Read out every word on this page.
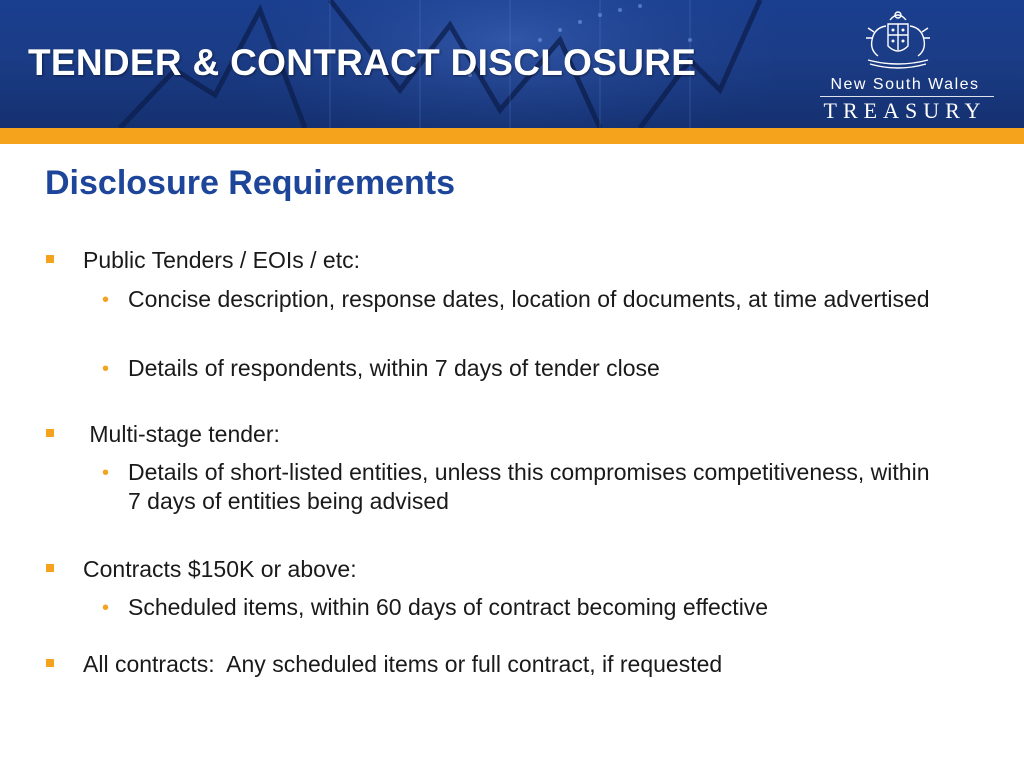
TENDER & CONTRACT DISCLOSURE
New South Wales
TREASURY
Disclosure Requirements
Public Tenders / EOIs / etc:
• Concise description, response dates, location of documents, at time advertised
• Details of respondents, within 7 days of tender close
Multi-stage tender:
• Details of short-listed entities, unless this compromises competitiveness, within 7 days of entities being advised
Contracts $150K or above:
• Scheduled items, within 60 days of contract becoming effective
All contracts:  Any scheduled items or full contract, if requested
